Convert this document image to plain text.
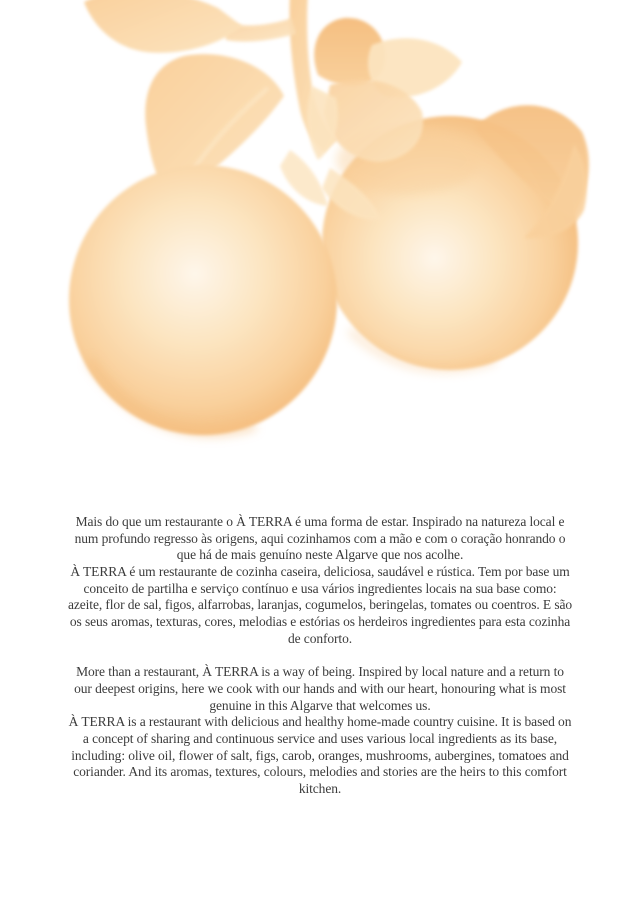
Mais do que um restaurante o À TERRA é uma forma de estar. Inspirado na natureza local e num profundo regresso às origens, aqui cozinhamos com a mão e com o coração honrando o que há de mais genuíno neste Algarve que nos acolhe.

À TERRA é um restaurante de cozinha caseira, deliciosa, saudável e rústica. Tem por base um conceito de partilha e serviço contínuo e usa vários ingredientes locais na sua base como: azeite, flor de sal, figos, alfarrobas, laranjas, cogumelos, beringelas, tomates ou coentros. E são os seus aromas, texturas, cores, melodias e estórias os herdeiros ingredientes para esta cozinha de conforto.

More than a restaurant, À TERRA is a way of being. Inspired by local nature and a return to our deepest origins, here we cook with our hands and with our heart, honouring what is most genuine in this Algarve that welcomes us.

À TERRA is a restaurant with delicious and healthy home-made country cuisine. It is based on a concept of sharing and continuous service and uses various local ingredients as its base, including: olive oil, flower of salt, figs, carob, oranges, mushrooms, aubergines, tomatoes and coriander. And its aromas, textures, colours, melodies and stories are the heirs to this comfort kitchen.
